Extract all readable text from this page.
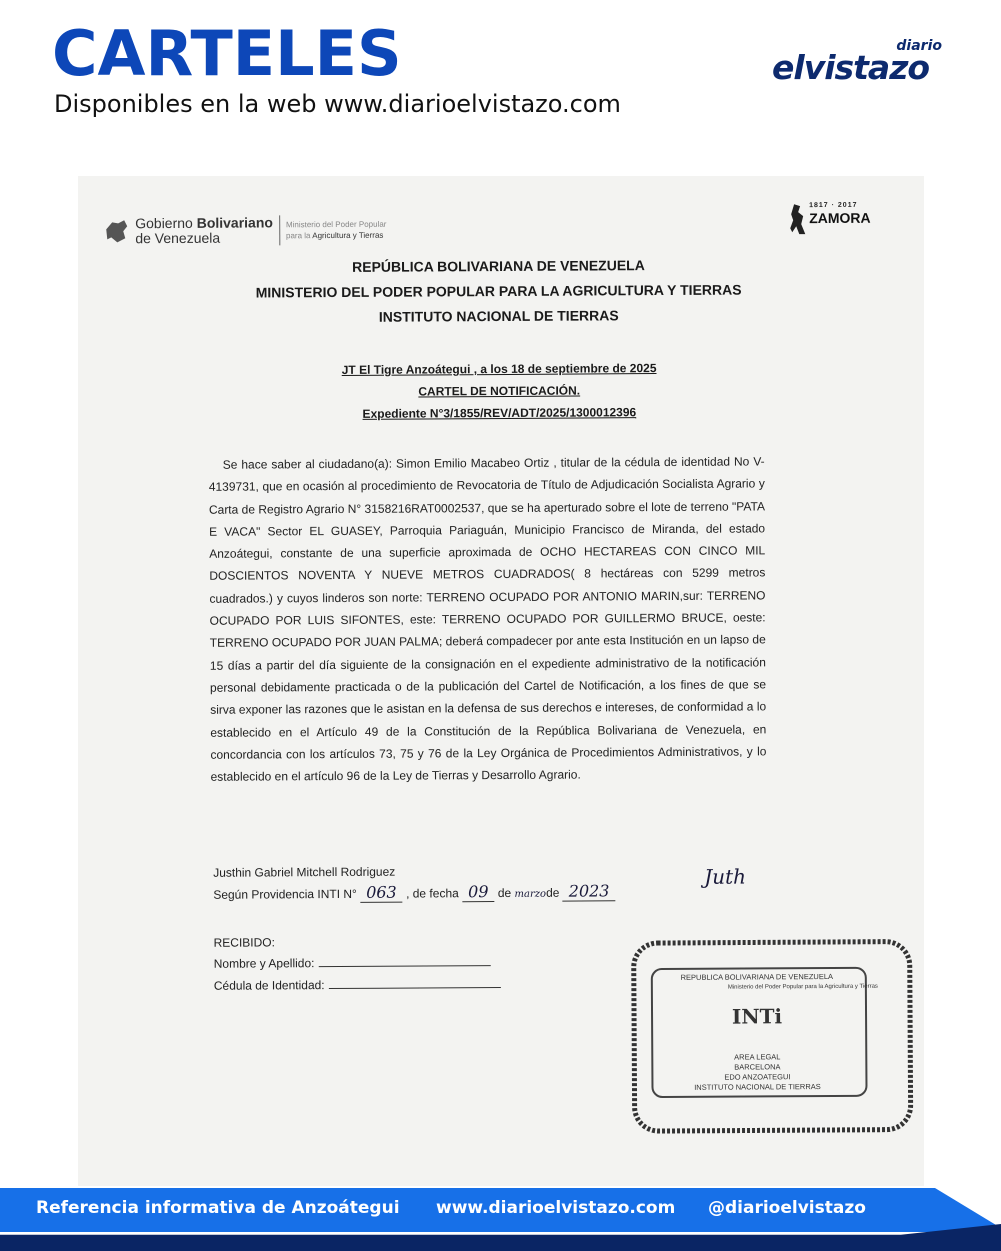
CARTELES
Disponibles en la web www.diarioelvistazo.com
diario
elvistazo
Gobierno Bolivariano
de Venezuela
Ministerio del Poder Popular
para la Agricultura y Tierras
1817 · 2017
ZAMORA
REPÚBLICA BOLIVARIANA DE VENEZUELA
MINISTERIO DEL PODER POPULAR PARA LA AGRICULTURA Y TIERRAS
INSTITUTO NACIONAL DE TIERRAS
JT El Tigre Anzoátegui , a los 18 de septiembre de 2025
CARTEL DE NOTIFICACIÓN.
Expediente N°3/1855/REV/ADT/2025/1300012396
Se hace saber al ciudadano(a): Simon Emilio Macabeo Ortiz , titular de la cédula de identidad No V- 4139731, que en ocasión al procedimiento de Revocatoria de Título de Adjudicación Socialista Agrario y Carta de Registro Agrario N° 3158216RAT0002537, que se ha aperturado sobre el lote de terreno "PATA E VACA" Sector EL GUASEY, Parroquia Pariaguán, Municipio Francisco de Miranda, del estado Anzoátegui, constante de una superficie aproximada de OCHO HECTAREAS CON CINCO MIL DOSCIENTOS NOVENTA Y NUEVE METROS CUADRADOS( 8 hectáreas con 5299 metros cuadrados.) y cuyos linderos son norte: TERRENO OCUPADO POR ANTONIO MARIN,sur: TERRENO OCUPADO POR LUIS SIFONTES, este: TERRENO OCUPADO POR GUILLERMO BRUCE, oeste: TERRENO OCUPADO POR JUAN PALMA; deberá compadecer por ante esta Institución en un lapso de 15 días a partir del día siguiente de la consignación en el expediente administrativo de la notificación personal debidamente practicada o de la publicación del Cartel de Notificación, a los fines de que se sirva exponer las razones que le asistan en la defensa de sus derechos e intereses, de conformidad a lo establecido en el Artículo 49 de la Constitución de la República Bolivariana de Venezuela, en concordancia con los artículos 73, 75 y 76 de la Ley Orgánica de Procedimientos Administrativos, y lo establecido en el artículo 96 de la Ley de Tierras y Desarrollo Agrario.
Justhin Gabriel Mitchell Rodriguez
Según Providencia INTI N° 063 , de fecha 09 de marzode 2023
Juth
RECIBIDO:
Nombre y Apellido:
Cédula de Identidad:
REPUBLICA BOLIVARIANA DE VENEZUELA
Ministerio del Poder Popular para la Agricultura y Tierras
INTi
AREA LEGAL
BARCELONA
EDO ANZOATEGUI
INSTITUTO NACIONAL DE TIERRAS
Referencia informativa de Anzoátegui www.diarioelvistazo.com @diarioelvistazo
